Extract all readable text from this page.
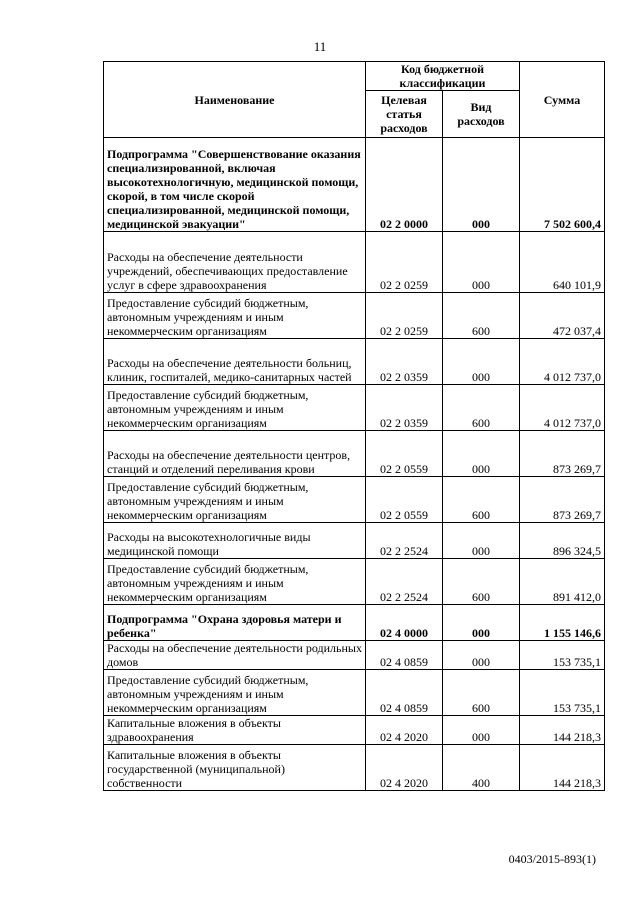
11
Наименование	Код бюджетной классификации		Сумма
	Целевая статья расходов	Вид расходов	
Подпрограмма "Совершенствование оказания специализированной, включая высокотехнологичную, медицинской помощи, скорой, в том числе скорой специализированной, медицинской помощи, медицинской эвакуации"	02 2 0000	000	7 502 600,4
Расходы на обеспечение деятельности учреждений, обеспечивающих предоставление услуг в сфере здравоохранения	02 2 0259	000	640 101,9
Предоставление субсидий бюджетным, автономным учреждениям и иным некоммерческим организациям	02 2 0259	600	472 037,4
Расходы на обеспечение деятельности больниц, клиник, госпиталей, медико-санитарных частей	02 2 0359	000	4 012 737,0
Предоставление субсидий бюджетным, автономным учреждениям и иным некоммерческим организациям	02 2 0359	600	4 012 737,0
Расходы на обеспечение деятельности центров, станций и отделений переливания крови	02 2 0559	000	873 269,7
Предоставление субсидий бюджетным, автономным учреждениям и иным некоммерческим организациям	02 2 0559	600	873 269,7
Расходы на высокотехнологичные виды медицинской помощи	02 2 2524	000	896 324,5
Предоставление субсидий бюджетным, автономным учреждениям и иным некоммерческим организациям	02 2 2524	600	891 412,0
Подпрограмма "Охрана здоровья матери и ребенка"	02 4 0000	000	1 155 146,6
Расходы на обеспечение деятельности родильных домов	02 4 0859	000	153 735,1
Предоставление субсидий бюджетным, автономным учреждениям и иным некоммерческим организациям	02 4 0859	600	153 735,1
Капитальные вложения в объекты здравоохранения	02 4 2020	000	144 218,3
Капитальные вложения в объекты государственной (муниципальной) собственности	02 4 2020	400	144 218,3
0403/2015-893(1)
